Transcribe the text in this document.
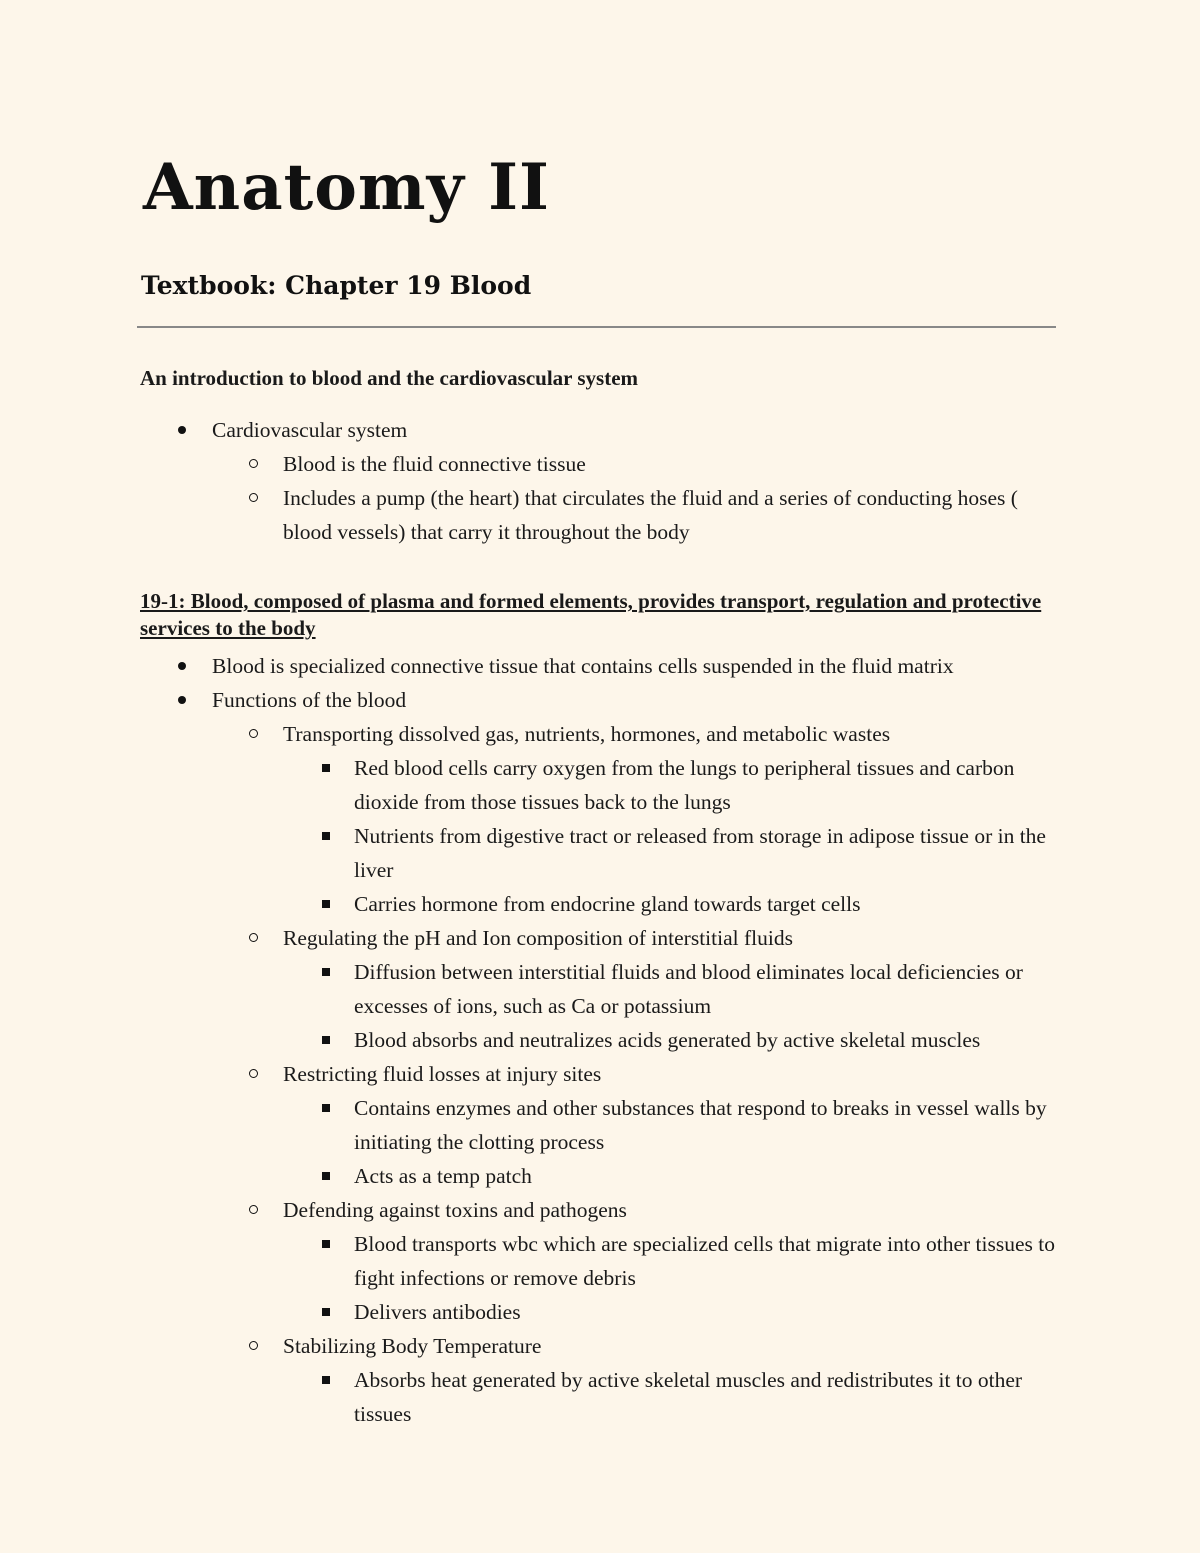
Anatomy II
Textbook: Chapter 19 Blood

An introduction to blood and the cardiovascular system

Cardiovascular system
Blood is the fluid connective tissue
Includes a pump (the heart) that circulates the fluid and a series of conducting hoses ( blood vessels) that carry it throughout the body

19-1: Blood, composed of plasma and formed elements, provides transport, regulation and protective services to the body

Blood is specialized connective tissue that contains cells suspended in the fluid matrix
Functions of the blood
Transporting dissolved gas, nutrients, hormones, and metabolic wastes
Red blood cells carry oxygen from the lungs to peripheral tissues and carbon dioxide from those tissues back to the lungs
Nutrients from digestive tract or released from storage in adipose tissue or in the liver
Carries hormone from endocrine gland towards target cells
Regulating the pH and Ion composition of interstitial fluids
Diffusion between interstitial fluids and blood eliminates local deficiencies or excesses of ions, such as Ca or potassium
Blood absorbs and neutralizes acids generated by active skeletal muscles
Restricting fluid losses at injury sites
Contains enzymes and other substances that respond to breaks in vessel walls by initiating the clotting process
Acts as a temp patch
Defending against toxins and pathogens
Blood transports wbc which are specialized cells that migrate into other tissues to fight infections or remove debris
Delivers antibodies
Stabilizing Body Temperature
Absorbs heat generated by active skeletal muscles and redistributes it to other tissues
